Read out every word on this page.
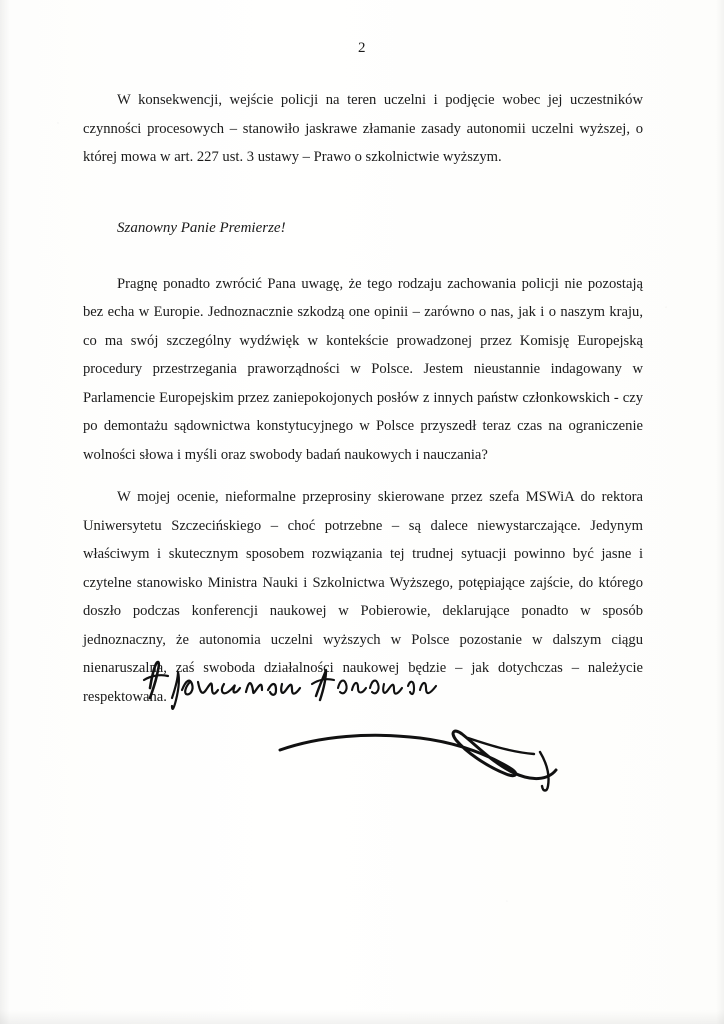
2

W konsekwencji, wejście policji na teren uczelni i podjęcie wobec jej uczestników czynności procesowych – stanowiło jaskrawe złamanie zasady autonomii uczelni wyższej, o której mowa w art. 227 ust. 3 ustawy – Prawo o szkolnictwie wyższym.

Szanowny Panie Premierze!

Pragnę ponadto zwrócić Pana uwagę, że tego rodzaju zachowania policji nie pozostają bez echa w Europie. Jednoznacznie szkodzą one opinii – zarówno o nas, jak i o naszym kraju, co ma swój szczególny wydźwięk w kontekście prowadzonej przez Komisję Europejską procedury przestrzegania praworządności w Polsce. Jestem nieustannie indagowany w Parlamencie Europejskim przez zaniepokojonych posłów z innych państw członkowskich - czy po demontażu sądownictwa konstytucyjnego w Polsce przyszedł teraz czas na ograniczenie wolności słowa i myśli oraz swobody badań naukowych i nauczania?

W mojej ocenie, nieformalne przeprosiny skierowane przez szefa MSWiA do rektora Uniwersytetu Szczecińskiego – choć potrzebne – są dalece niewystarczające. Jedynym właściwym i skutecznym sposobem rozwiązania tej trudnej sytuacji powinno być jasne i czytelne stanowisko Ministra Nauki i Szkolnictwa Wyższego, potępiające zajście, do którego doszło podczas konferencji naukowej w Pobierowie, deklarujące ponadto w sposób jednoznaczny, że autonomia uczelni wyższych w Polsce pozostanie w dalszym ciągu nienaruszalna, zaś swoboda działalności naukowej będzie – jak dotychczas – należycie respektowana.
